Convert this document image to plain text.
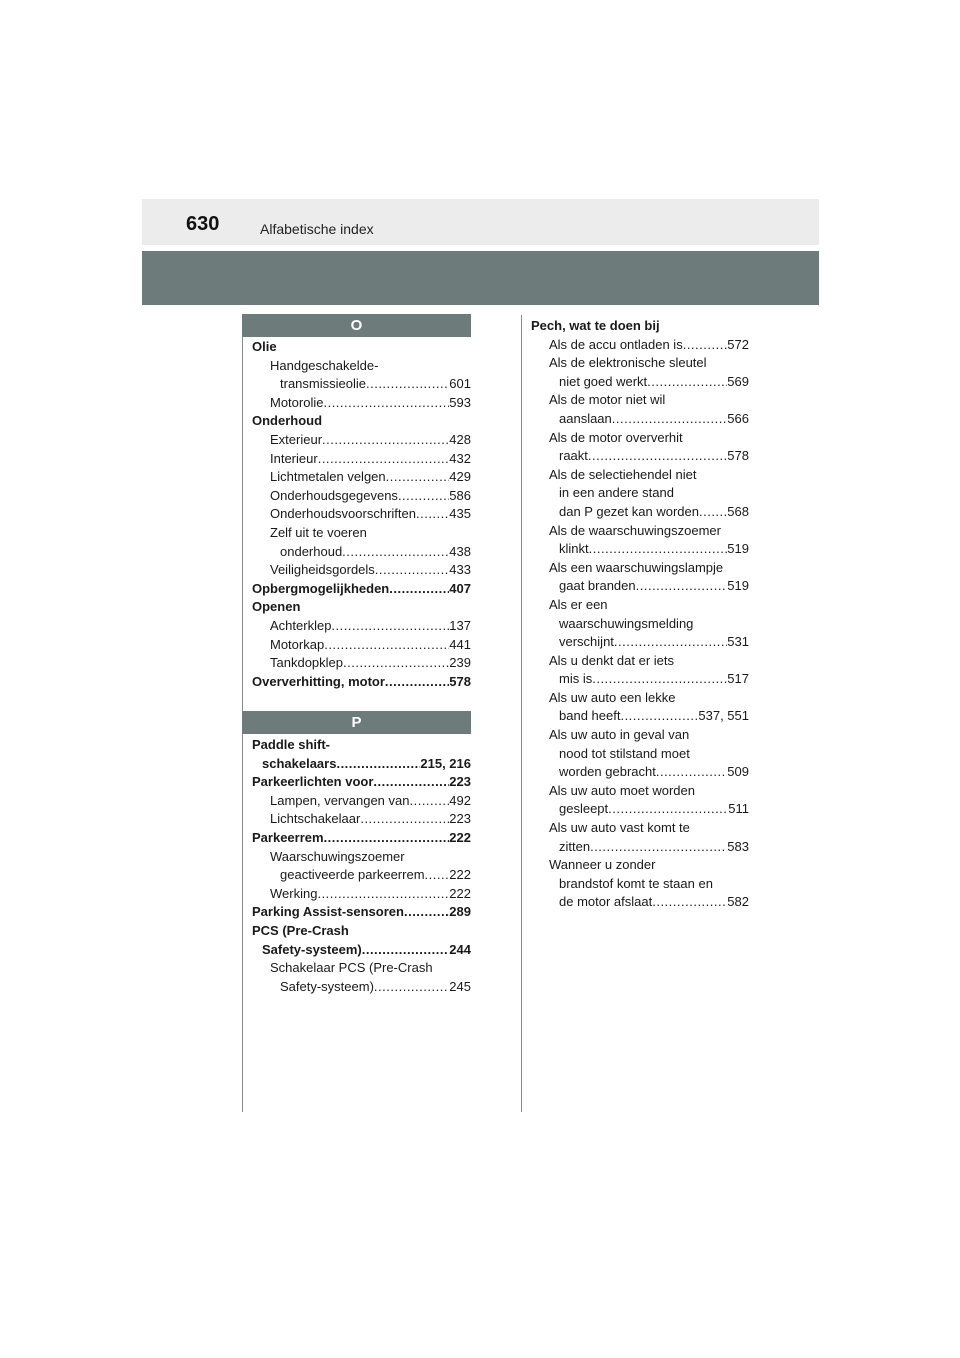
630	Alfabetische index
O
Olie
Handgeschakelde-
transmissieolie .....	601
Motorolie .....	593
Onderhoud
Exterieur .....	428
Interieur .....	432
Lichtmetalen velgen .....	429
Onderhoudsgegevens .....	586
Onderhoudsvoorschriften .....	435
Zelf uit te voeren
onderhoud .....	438
Veiligheidsgordels .....	433
Opbergmogelijkheden .....	407
Openen
Achterklep .....	137
Motorkap .....	441
Tankdopklep .....	239
Oververhitting, motor .....	578
P
Paddle shift-
schakelaars .....	215, 216
Parkeerlichten voor .....	223
Lampen, vervangen van .....	492
Lichtschakelaar .....	223
Parkeerrem .....	222
Waarschuwingszoemer
geactiveerde parkeerrem ..... 222
Werking .....	222
Parking Assist-sensoren .....	289
PCS (Pre-Crash
Safety-systeem) .....	244
Schakelaar PCS (Pre-Crash
Safety-systeem) .....	245
Pech, wat te doen bij
Als de accu ontladen is .....	572
Als de elektronische sleutel
niet goed werkt .....	569
Als de motor niet wil
aanslaan .....	566
Als de motor oververhit
raakt .....	578
Als de selectiehendel niet
in een andere stand
dan P gezet kan worden ..... 568
Als de waarschuwingszoemer
klinkt .....	519
Als een waarschuwingslampje
gaat branden .....	519
Als er een
waarschuwingsmelding
verschijnt .....	531
Als u denkt dat er iets
mis is .....	517
Als uw auto een lekke
band heeft .....	537, 551
Als uw auto in geval van
nood tot stilstand moet
worden gebracht .....	509
Als uw auto moet worden
gesleept .....	511
Als uw auto vast komt te
zitten .....	583
Wanneer u zonder
brandstof komt te staan en
de motor afslaat .....	582
